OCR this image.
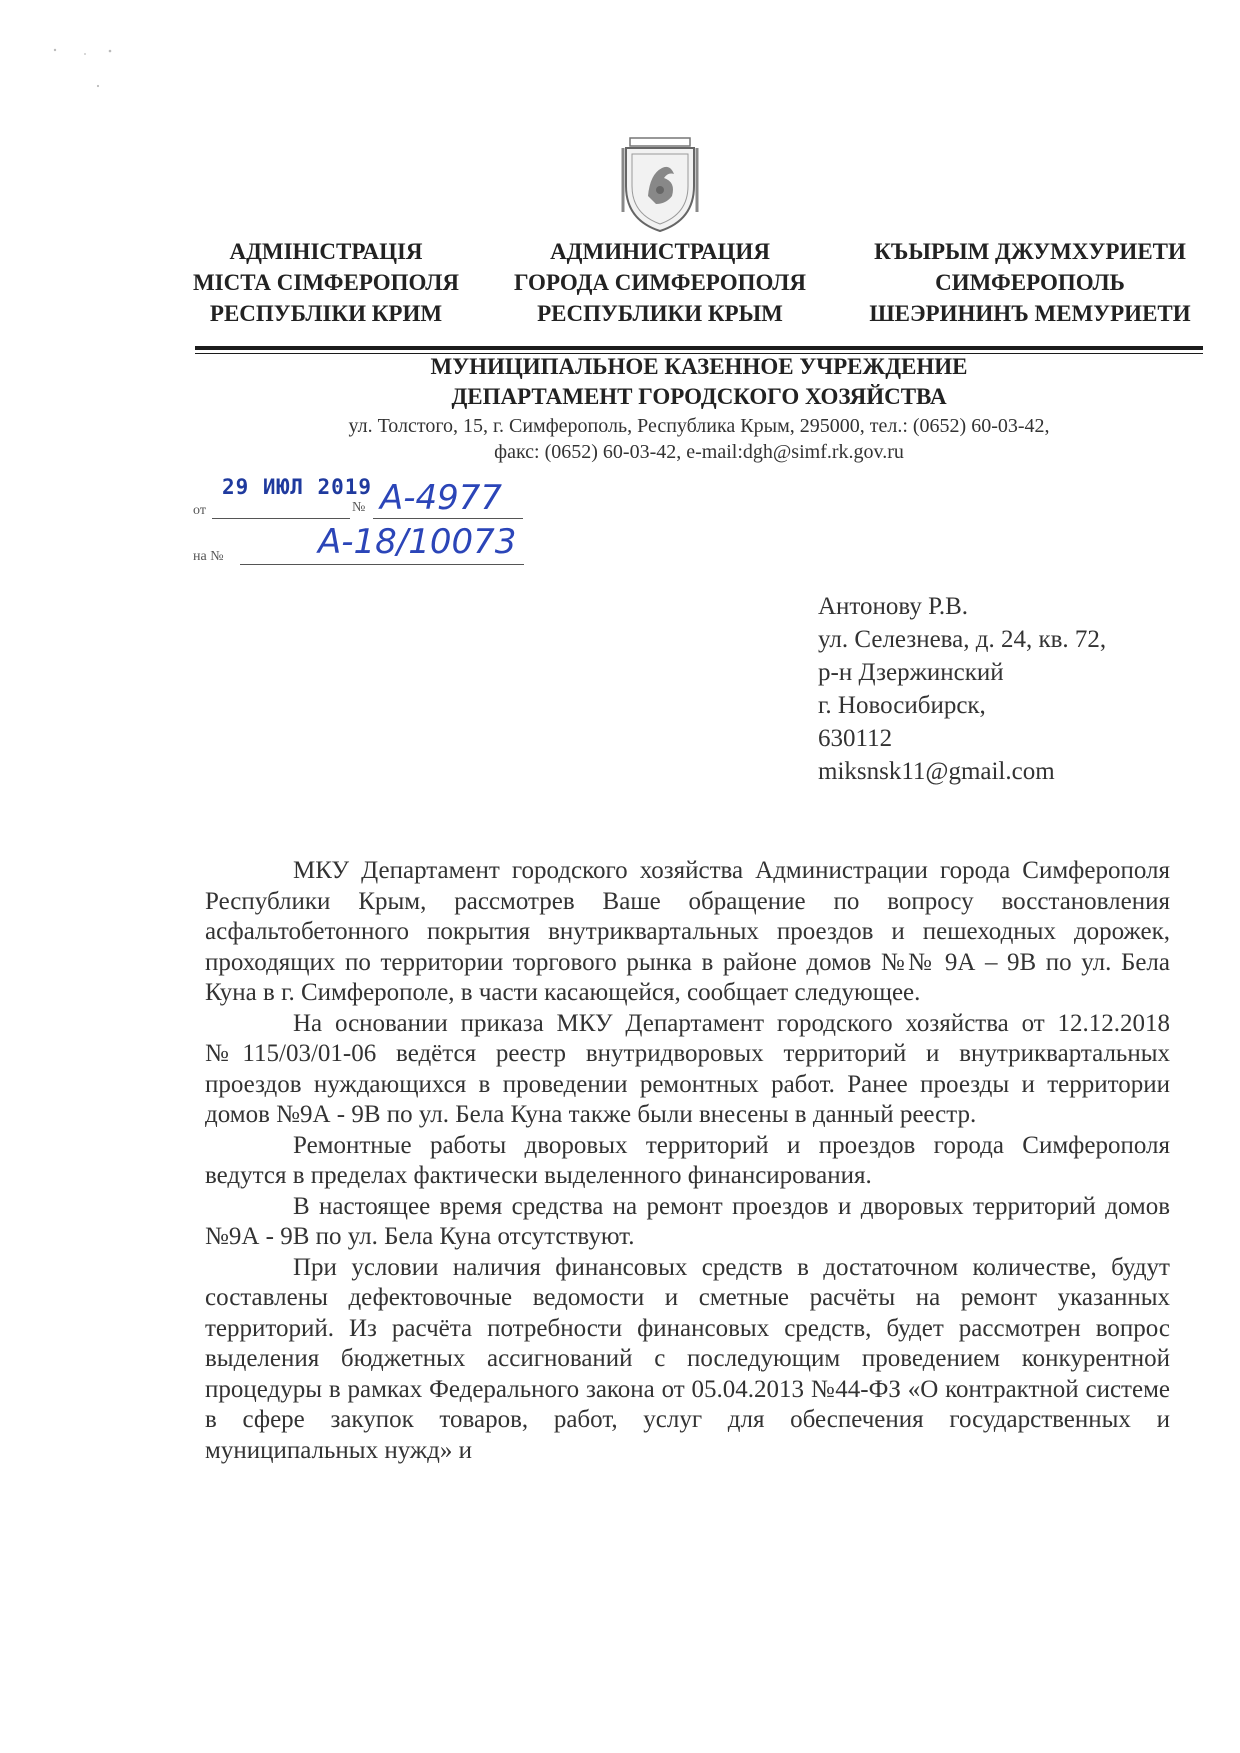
АДМІНІСТРАЦІЯ
МІСТА СІМФЕРОПОЛЯ
РЕСПУБЛІКИ КРИМ
АДМИНИСТРАЦИЯ
ГОРОДА СИМФЕРОПОЛЯ
РЕСПУБЛИКИ КРЫМ
КЪЫРЫМ ДЖУМХУРИЕТИ
СИМФЕРОПОЛЬ
ШЕЭРИНИНЪ МЕМУРИЕТИ
МУНИЦИПАЛЬНОЕ КАЗЕННОЕ УЧРЕЖДЕНИЕ
ДЕПАРТАМЕНТ ГОРОДСКОГО ХОЗЯЙСТВА
ул. Толстого, 15, г. Симферополь, Республика Крым, 295000, тел.: (0652) 60-03-42,
факс: (0652) 60-03-42, e-mail:dgh@simf.rk.gov.ru
от
29 ИЮЛ 2019
№ А-4977
на №	А-18/10073
Антонову Р.В.
ул. Селезнева, д. 24, кв. 72,
р-н Дзержинский
г. Новосибирск,
630112
miksnsk11@gmail.com

МКУ Департамент городского хозяйства Администрации города Симферополя Республики Крым, рассмотрев Ваше обращение по вопросу восстановления асфальтобетонного покрытия внутриквартальных проездов и пешеходных дорожек, проходящих по территории торгового рынка в районе домов №№ 9А – 9В по ул. Бела Куна в г. Симферополе, в части касающейся, сообщает следующее.

На основании приказа МКУ Департамент городского хозяйства от 12.12.2018 №115/03/01-06 ведётся реестр внутридворовых территорий и внутриквартальных проездов нуждающихся в проведении ремонтных работ. Ранее проезды и территории домов №9А - 9В по ул. Бела Куна также были внесены в данный реестр.

Ремонтные работы дворовых территорий и проездов города Симферополя ведутся в пределах фактически выделенного финансирования.

В настоящее время средства на ремонт проездов и дворовых территорий домов №9А - 9В по ул. Бела Куна отсутствуют.

При условии наличия финансовых средств в достаточном количестве, будут составлены дефектовочные ведомости и сметные расчёты на ремонт указанных территорий. Из расчёта потребности финансовых средств, будет рассмотрен вопрос выделения бюджетных ассигнований с последующим проведением конкурентной процедуры в рамках Федерального закона от 05.04.2013 №44-ФЗ «О контрактной системе в сфере закупок товаров, работ, услуг для обеспечения государственных и муниципальных нужд» и
